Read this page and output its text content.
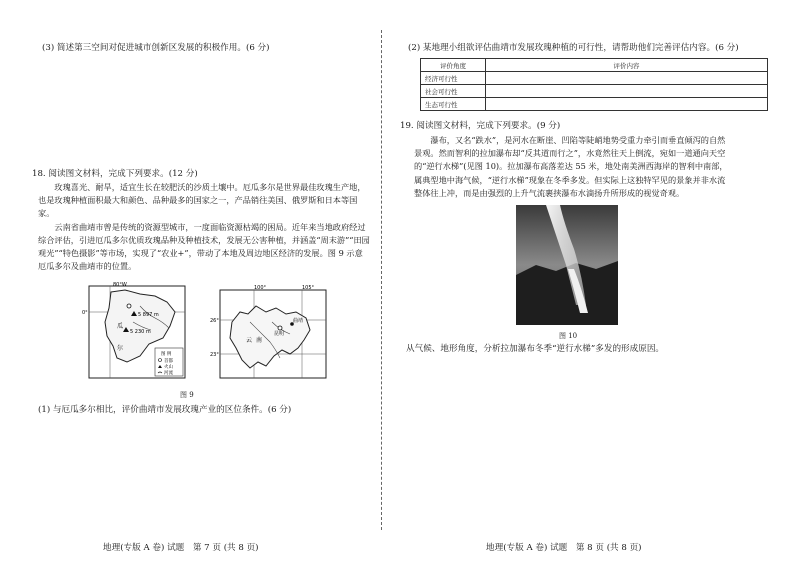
(3) 简述第三空间对促进城市创新区发展的积极作用。(6 分)
18. 阅读图文材料，完成下列要求。(12 分)

玫瑰喜光、耐旱，适宜生长在较肥沃的沙质土壤中。厄瓜多尔是世界最佳玫瑰生产地，也是玫瑰种植面积最大和颜色、品种最多的国家之一，产品销往美国、俄罗斯和日本等国家。

云南省曲靖市曾是传统的资源型城市，一度面临资源枯竭的困局。近年来当地政府经过综合评估，引进厄瓜多尔优质玫瑰品种及种植技术，发展无公害种植，并涵盖“周末游”“田园观光”“特色摄影”等市场，实现了“农业+”，带动了本地及周边地区经济的发展。图 9 示意厄瓜多尔及曲靖市的位置。

80°W
0°	5 897 m
5 230 m
瓜
尔
图 例
首都
火山
河流
100°	105°
26°
23°
曲靖
昆明
云 南
图 9
(1) 与厄瓜多尔相比，评价曲靖市发展玫瑰产业的区位条件。(6 分)
地理(专版 A 卷) 试题　第 7 页 (共 8 页)
(2) 某地理小组欲评估曲靖市发展玫瑰种植的可行性，请帮助他们完善评估内容。(6 分)
评价角度	评价内容
经济可行性	
社会可行性	
生态可行性	
19. 阅读图文材料，完成下列要求。(9 分)

瀑布，又名“跌水”，是河水在断崖、凹陷等陡峭地势受重力牵引而垂直倾泻的自然景观。然而智利的拉加瀑布却“反其道而行之”，水竟然往天上倒流，宛如一道通向天空的“逆行水梯”(见图 10)。拉加瀑布高落差达 55 米，地处南美洲西海岸的智利中南部，属典型地中海气候，“逆行水梯”现象在冬季多发。但实际上这独特罕见的景象并非水流整体往上冲，而是由强烈的上升气流裹挟瀑布水滴扬升所形成的视觉奇观。

图 10
从气候、地形角度，分析拉加瀑布冬季“逆行水梯”多发的形成原因。
地理(专版 A 卷) 试题　第 8 页 (共 8 页)
